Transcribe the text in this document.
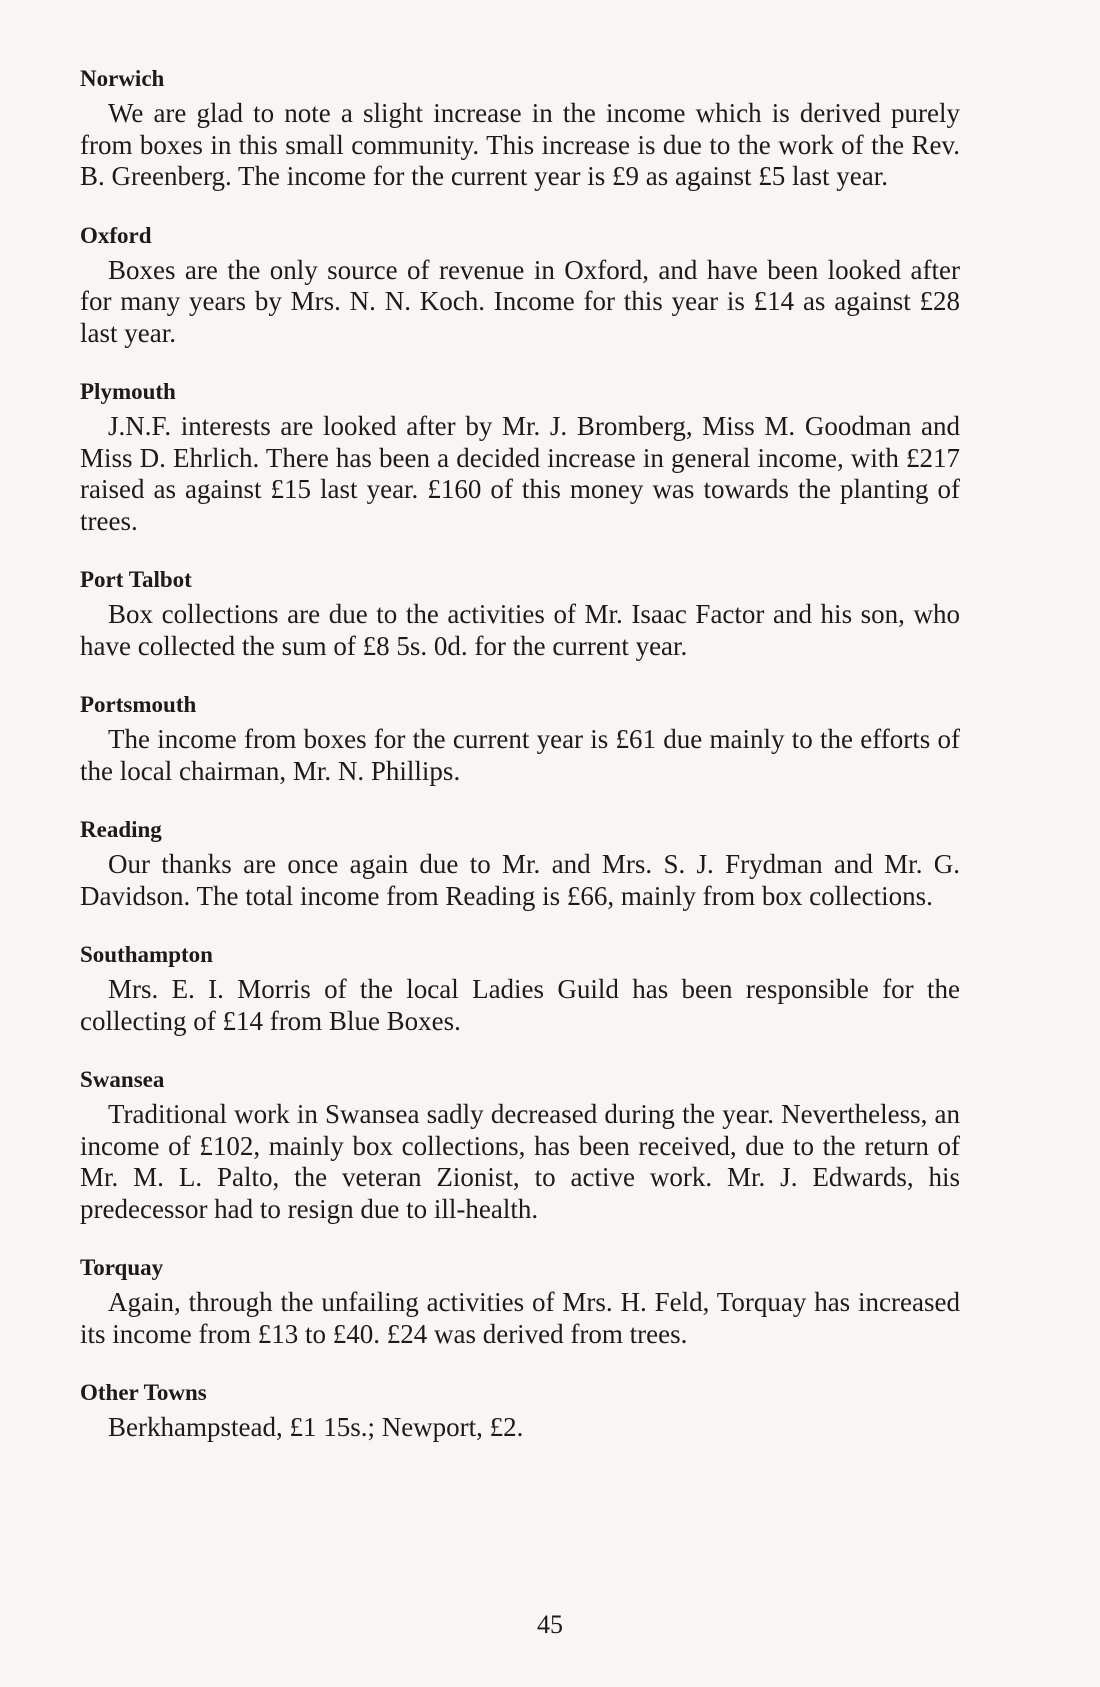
Norwich

We are glad to note a slight increase in the income which is derived purely from boxes in this small community. This increase is due to the work of the Rev. B. Greenberg. The income for the current year is £9 as against £5 last year.

Oxford

Boxes are the only source of revenue in Oxford, and have been looked after for many years by Mrs. N. N. Koch. Income for this year is £14 as against £28 last year.

Plymouth

J.N.F. interests are looked after by Mr. J. Bromberg, Miss M. Goodman and Miss D. Ehrlich. There has been a decided increase in general income, with £217 raised as against £15 last year. £160 of this money was towards the planting of trees.

Port Talbot

Box collections are due to the activities of Mr. Isaac Factor and his son, who have collected the sum of £8 5s. 0d. for the current year.

Portsmouth

The income from boxes for the current year is £61 due mainly to the efforts of the local chairman, Mr. N. Phillips.

Reading

Our thanks are once again due to Mr. and Mrs. S. J. Frydman and Mr. G. Davidson. The total income from Reading is £66, mainly from box collections.

Southampton

Mrs. E. I. Morris of the local Ladies Guild has been responsible for the collecting of £14 from Blue Boxes.

Swansea

Traditional work in Swansea sadly decreased during the year. Nevertheless, an income of £102, mainly box collections, has been received, due to the return of Mr. M. L. Palto, the veteran Zionist, to active work. Mr. J. Edwards, his predecessor had to resign due to ill-health.

Torquay

Again, through the unfailing activities of Mrs. H. Feld, Torquay has increased its income from £13 to £40. £24 was derived from trees.

Other Towns

Berkhampstead, £1 15s.; Newport, £2.

45
